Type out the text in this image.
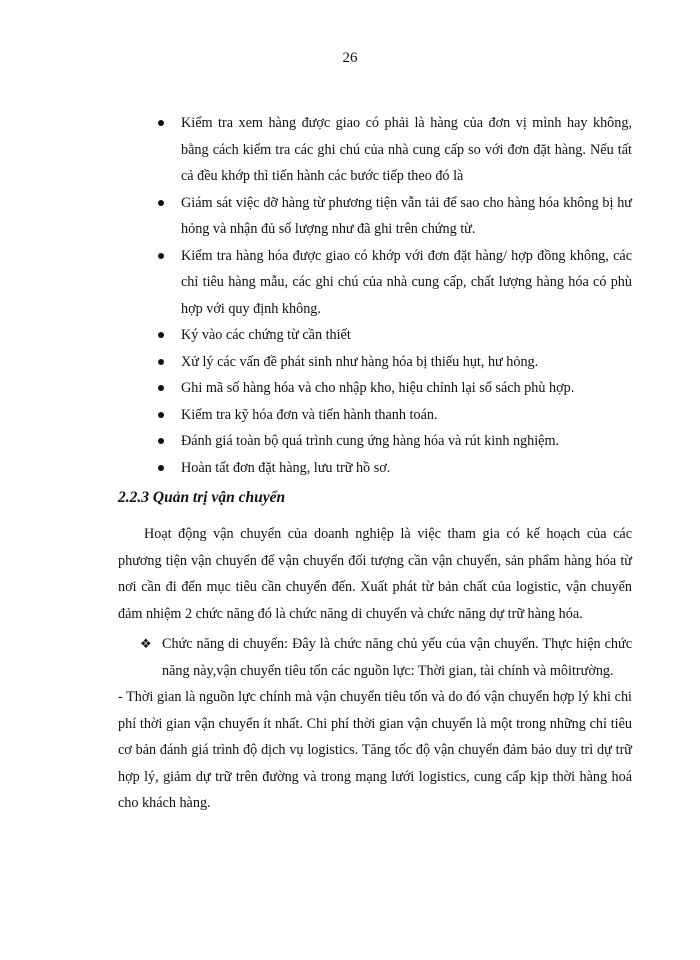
26
Kiểm tra xem hàng được giao có phải là hàng của đơn vị mình hay không, bằng cách kiểm tra các ghi chú của nhà cung cấp so với đơn đặt hàng. Nếu tất cả đều khớp thì tiến hành các bước tiếp theo đó là
Giám sát việc dỡ hàng từ phương tiện vẫn tải để sao cho hàng hóa không bị hư hỏng và nhận đủ số lượng như đã ghi trên chứng từ.
Kiểm tra hàng hóa được giao có khớp với đơn đặt hàng/ hợp đồng không, các chỉ tiêu hàng mẫu, các ghi chú của nhà cung cấp, chất lượng hàng hóa có phù hợp với quy định không.
Ký vào các chứng từ cần thiết
Xử lý các vấn đề phát sinh như hàng hóa bị thiếu hụt, hư hỏng.
Ghi mã số hàng hóa và cho nhập kho, hiệu chỉnh lại sổ sách phù hợp.
Kiểm tra kỹ hóa đơn và tiến hành thanh toán.
Đánh giá toàn bộ quá trình cung ứng hàng hóa và rút kinh nghiệm.
Hoàn tất đơn đặt hàng, lưu trữ hồ sơ.
2.2.3 Quản trị vận chuyển

Hoạt động vận chuyển của doanh nghiệp là việc tham gia có kế hoạch của các phương tiện vận chuyển để vận chuyển đối tượng cần vận chuyển, sản phẩm hàng hóa từ nơi cần đi đến mục tiêu cần chuyển đến. Xuất phát từ bản chất của logistic, vận chuyển đảm nhiệm 2 chức năng đó là chức năng di chuyển và chức năng dự trữ hàng hóa.

❖ Chức năng di chuyển: Đây là chức năng chủ yếu của vận chuyển. Thực hiện chức năng này,vận chuyển tiêu tốn các nguồn lực: Thời gian, tài chính và môitrường.

- Thời gian là nguồn lực chính mà vận chuyển tiêu tốn và do đó vận chuyển hợp lý khi chi phí thời gian vận chuyển ít nhất. Chi phí thời gian vận chuyển là một trong những chỉ tiêu cơ bản đánh giá trình độ dịch vụ logistics. Tăng tốc độ vận chuyển đảm bảo duy trì dự trữ hợp lý, giảm dự trữ trên đường và trong mạng lưới logistics, cung cấp kịp thời hàng hoá cho khách hàng.
